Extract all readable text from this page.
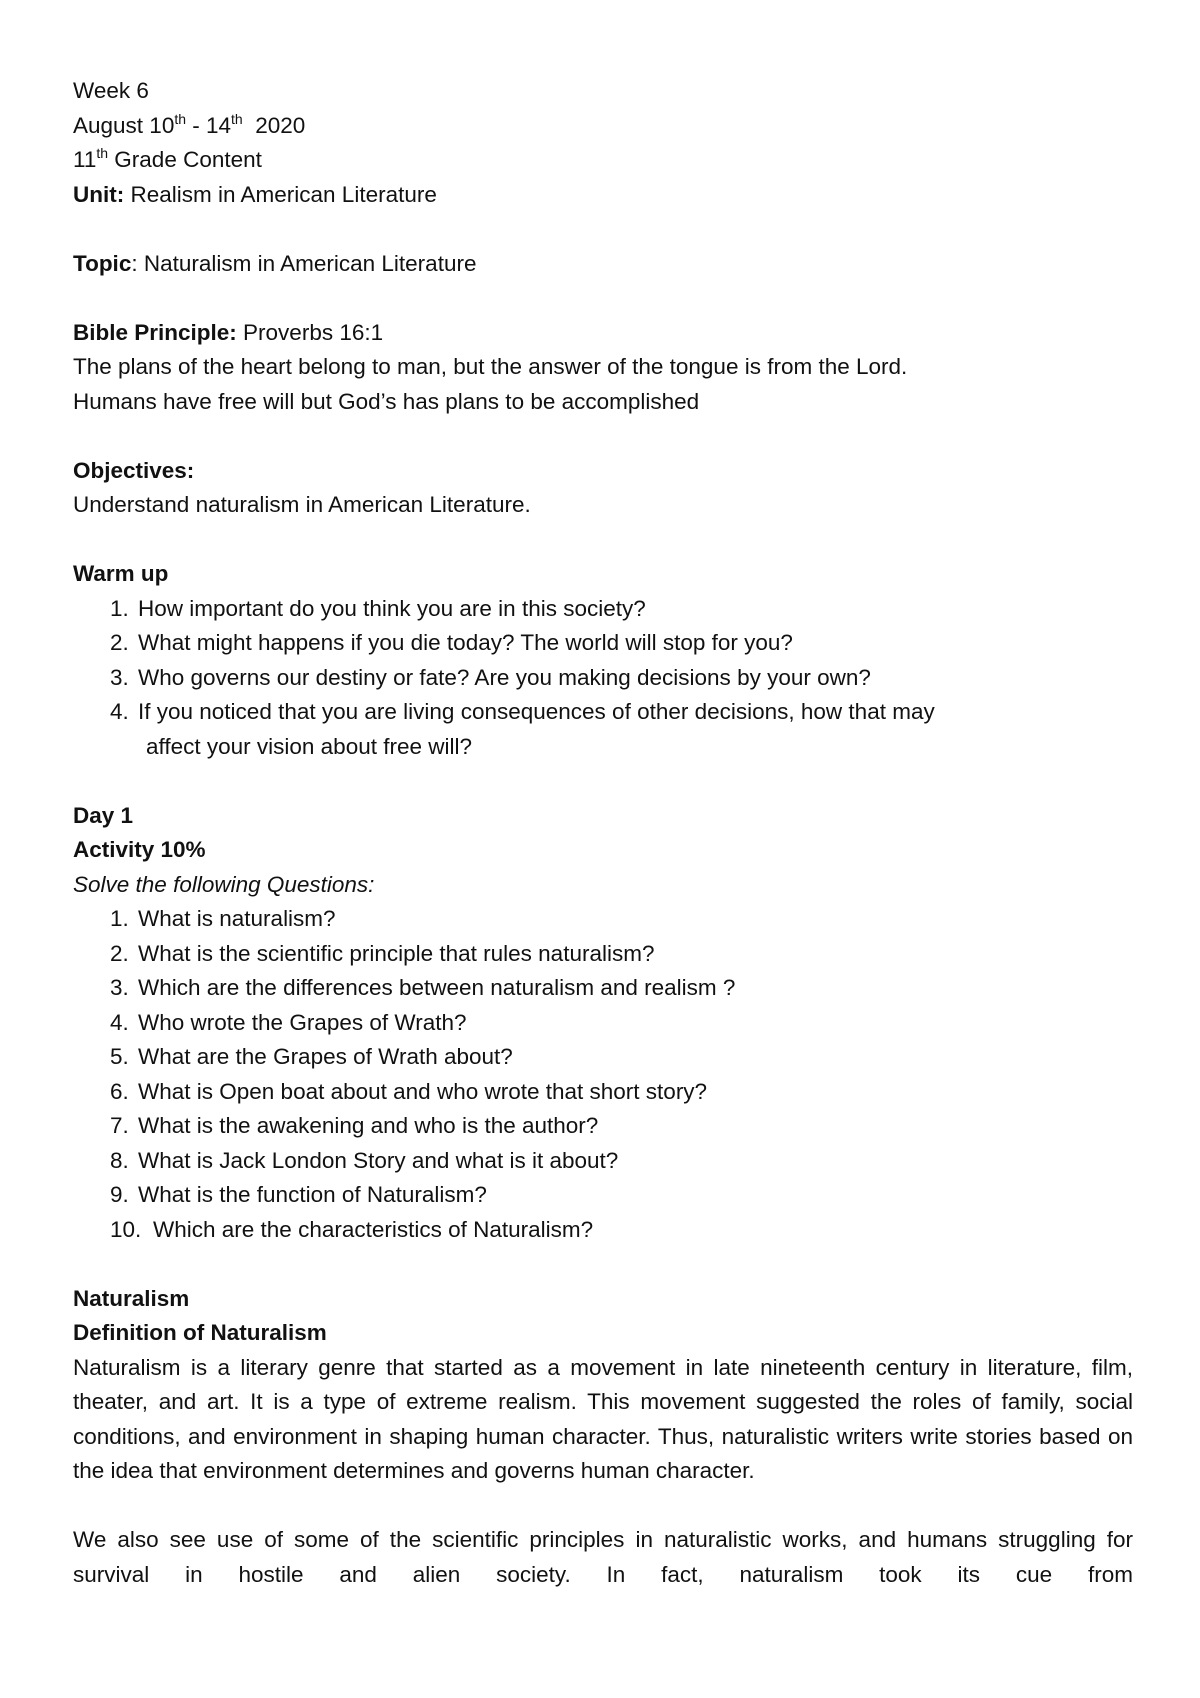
Week 6
August 10th - 14th  2020
11th Grade Content
Unit: Realism in American Literature
Topic: Naturalism in American Literature
Bible Principle: Proverbs 16:1
The plans of the heart belong to man, but the answer of the tongue is from the Lord.
Humans have free will but God’s has plans to be accomplished
Objectives:
Understand naturalism in American Literature.
Warm up
1. How important do you think you are in this society?
2. What might happens if you die today? The world will stop for you?
3. Who governs our destiny or fate? Are you making decisions by your own?
4. If you noticed that you are living consequences of other decisions, how that may
affect your vision about free will?
Day 1
Activity 10%
Solve the following Questions:
1. What is naturalism?
2. What is the scientific principle that rules naturalism?
3. Which are the differences between naturalism and realism ?
4. Who wrote the Grapes of Wrath?
5. What are the Grapes of Wrath about?
6. What is Open boat about and who wrote that short story?
7. What is the awakening and who is the author?
8. What is Jack London Story and what is it about?
9. What is the function of Naturalism?
10. Which are the characteristics of Naturalism?
Naturalism
Definition of Naturalism
Naturalism is a literary genre that started as a movement in late nineteenth century in literature, film, theater, and art. It is a type of extreme realism. This movement suggested the roles of family, social conditions, and environment in shaping human character. Thus, naturalistic writers write stories based on the idea that environment determines and governs human character.
We also see use of some of the scientific principles in naturalistic works, and humans struggling for survival in hostile and alien society. In fact, naturalism took its cue from
